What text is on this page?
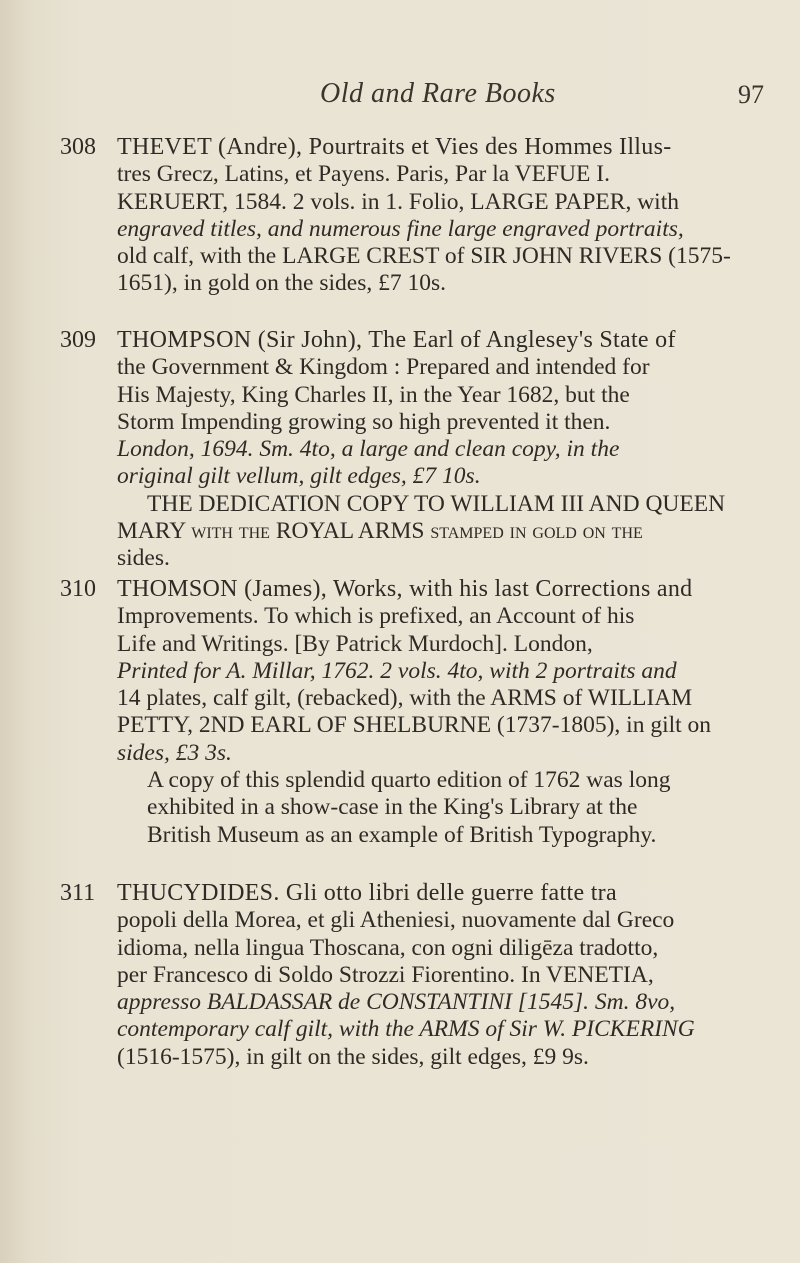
Old and Rare Books	97
308 THEVET (Andre), Pourtraits et Vies des Hommes Illus-
tres Grecz, Latins, et Payens. Paris, Par la VEFUE I.
KERUERT, 1584. 2 vols. in 1. Folio, LARGE PAPER, with
engraved titles, and numerous fine large engraved portraits,
old calf, with the LARGE CREST of SIR JOHN RIVERS (1575-
1651), in gold on the sides, £7 10s.
309 THOMPSON (Sir John), The Earl of Anglesey's State of
the Government & Kingdom : Prepared and intended for
His Majesty, King Charles II, in the Year 1682, but the
Storm Impending growing so high prevented it then.
London, 1694. Sm. 4to, a large and clean copy, in the
original gilt vellum, gilt edges, £7 10s.
THE DEDICATION COPY TO WILLIAM III AND QUEEN
MARY with the ROYAL ARMS stamped in gold on the
sides.
310 THOMSON (James), Works, with his last Corrections and
Improvements. To which is prefixed, an Account of his
Life and Writings. [By Patrick Murdoch]. London,
Printed for A. Millar, 1762. 2 vols. 4to, with 2 portraits and
14 plates, calf gilt, (rebacked), with the ARMS of WILLIAM
PETTY, 2ND EARL OF SHELBURNE (1737-1805), in gilt on
sides, £3 3s.
A copy of this splendid quarto edition of 1762 was long
exhibited in a show-case in the King's Library at the
British Museum as an example of British Typography.
311 THUCYDIDES. Gli otto libri delle guerre fatte tra
popoli della Morea, et gli Atheniesi, nuovamente dal Greco
idioma, nella lingua Thoscana, con ogni diligēza tradotto,
per Francesco di Soldo Strozzi Fiorentino. In VENETIA,
appresso BALDASSAR de CONSTANTINI [1545]. Sm. 8vo,
contemporary calf gilt, with the ARMS of Sir W. PICKERING
(1516-1575), in gilt on the sides, gilt edges, £9 9s.
